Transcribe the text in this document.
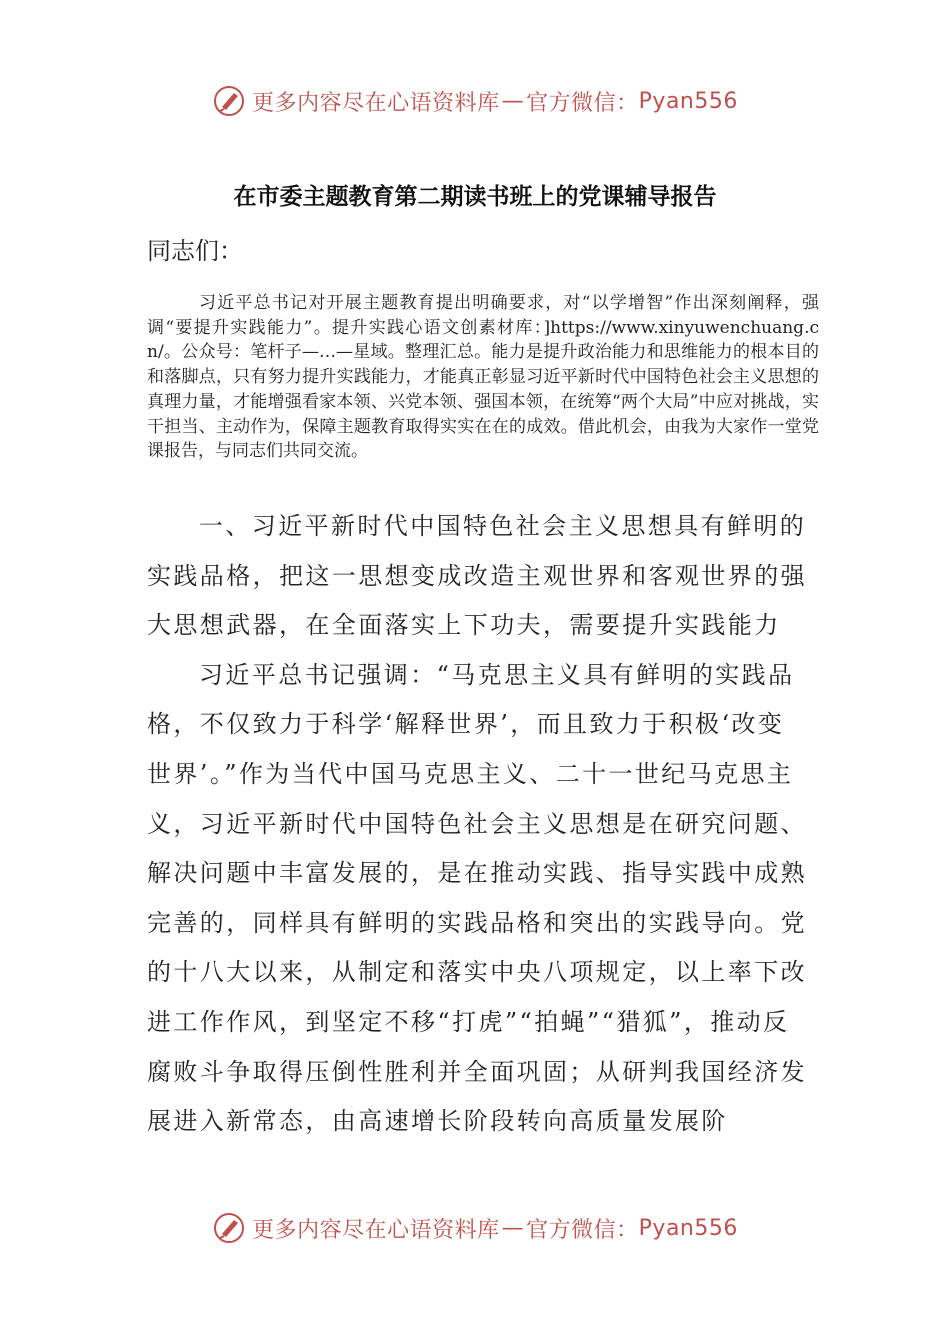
更多内容尽在心语资料库 — 官方微信： Pyan556
在市委主题教育第二期读书班上的党课辅导报告
同志们：

习近平总书记对开展主题教育提出明确要求，对“以学增智”作出深刻阐释，强调“要提升实践能力”。提升实践心语文创素材库：]https://www.xinyuwenchuang.cn/。公众号：笔杆子—…—星域。整理汇总。能力是提升政治能力和思维能力的根本目的和落脚点，只有努力提升实践能力，才能真正彰显习近平新时代中国特色社会主义思想的真理力量，才能增强看家本领、兴党本领、强国本领，在统筹“两个大局”中应对挑战，实干担当、主动作为，保障主题教育取得实实在在的成效。借此机会，由我为大家作一堂党课报告，与同志们共同交流。

一、习近平新时代中国特色社会主义思想具有鲜明的实践品格，把这一思想变成改造主观世界和客观世界的强大思想武器，在全面落实上下功夫，需要提升实践能力

习近平总书记强调：“马克思主义具有鲜明的实践品格，不仅致力于科学‘解释世界’，而且致力于积极‘改变世界’。”作为当代中国马克思主义、二十一世纪马克思主义，习近平新时代中国特色社会主义思想是在研究问题、解决问题中丰富发展的，是在推动实践、指导实践中成熟完善的，同样具有鲜明的实践品格和突出的实践导向。党的十八大以来，从制定和落实中央八项规定，以上率下改进工作作风，到坚定不移“打虎”“拍蝇”“猎狐”，推动反腐败斗争取得压倒性胜利并全面巩固；从研判我国经济发展进入新常态，由高速增长阶段转向高质量发展阶

更多内容尽在心语资料库 — 官方微信： Pyan556
